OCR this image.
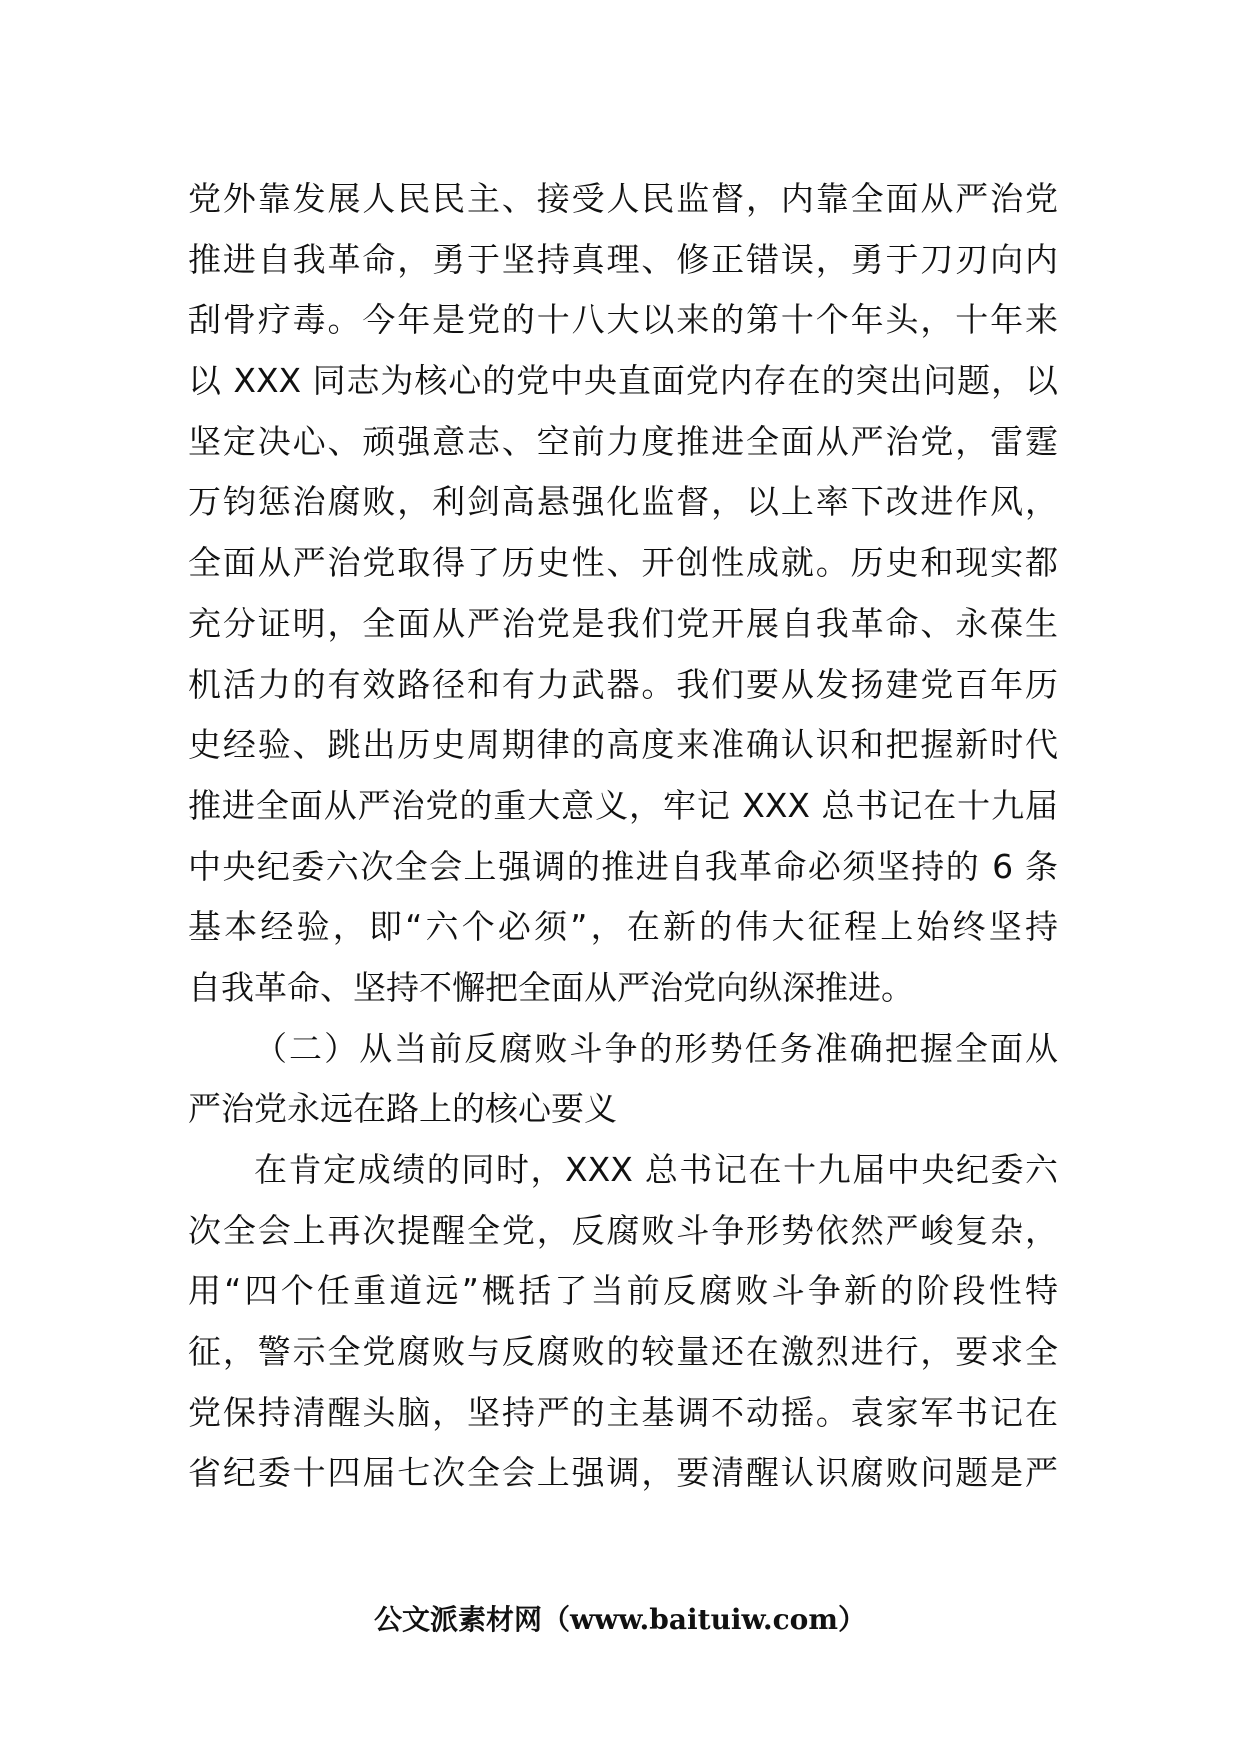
党外靠发展人民民主、接受人民监督，内靠全面从严治党
推进自我革命，勇于坚持真理、修正错误，勇于刀刃向内
刮骨疗毒。今年是党的十八大以来的第十个年头，十年来
以 XXX 同志为核心的党中央直面党内存在的突出问题，以
坚定决心、顽强意志、空前力度推进全面从严治党，雷霆
万钧惩治腐败，利剑高悬强化监督，以上率下改进作风，
全面从严治党取得了历史性、开创性成就。历史和现实都
充分证明，全面从严治党是我们党开展自我革命、永葆生
机活力的有效路径和有力武器。我们要从发扬建党百年历
史经验、跳出历史周期律的高度来准确认识和把握新时代
推进全面从严治党的重大意义，牢记 XXX 总书记在十九届
中央纪委六次全会上强调的推进自我革命必须坚持的 6 条
基本经验，即“六个必须”，在新的伟大征程上始终坚持
自我革命、坚持不懈把全面从严治党向纵深推进。
（二）从当前反腐败斗争的形势任务准确把握全面从
严治党永远在路上的核心要义
在肯定成绩的同时，XXX 总书记在十九届中央纪委六
次全会上再次提醒全党，反腐败斗争形势依然严峻复杂，
用“四个任重道远”概括了当前反腐败斗争新的阶段性特
征，警示全党腐败与反腐败的较量还在激烈进行，要求全
党保持清醒头脑，坚持严的主基调不动摇。袁家军书记在
省纪委十四届七次全会上强调，要清醒认识腐败问题是严
公文派素材网（www.baituiw.com）
